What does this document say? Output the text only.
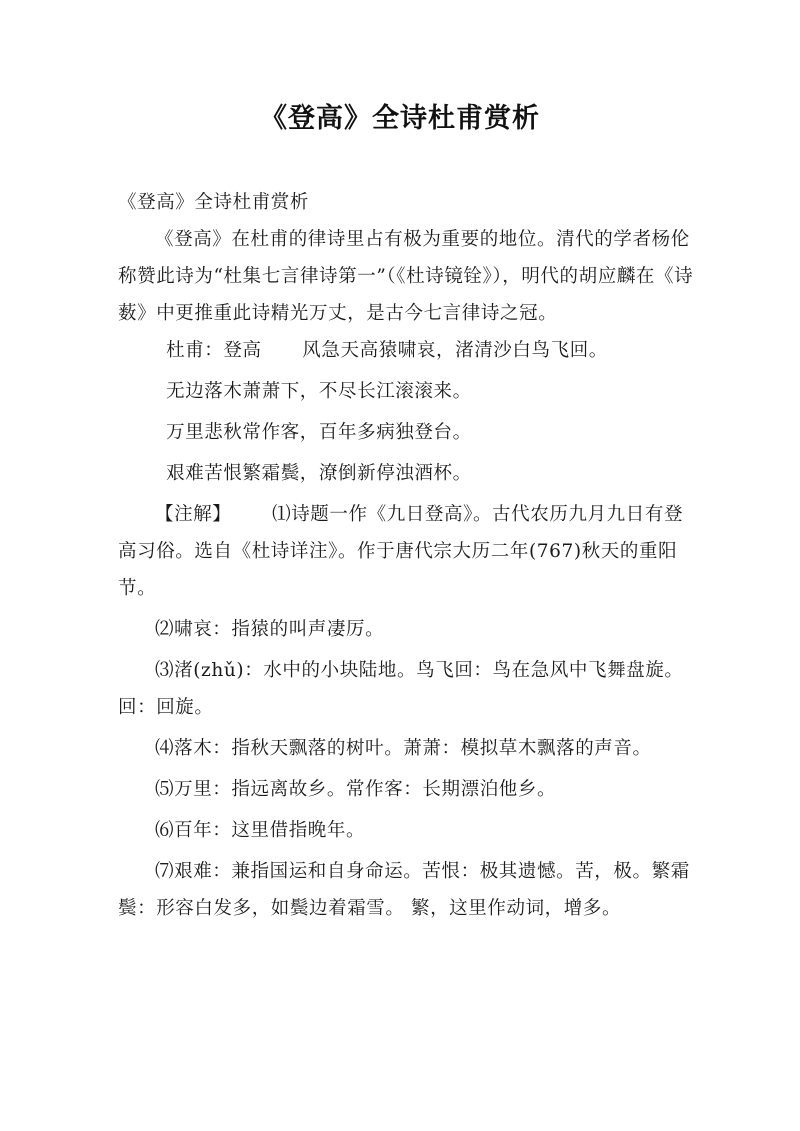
《登高》全诗杜甫赏析

《登高》全诗杜甫赏析

《登高》在杜甫的律诗里占有极为重要的地位。清代的学者杨伦称赞此诗为“杜集七言律诗第一”（《杜诗镜铨》），明代的胡应麟在《诗薮》中更推重此诗精光万丈，是古今七言律诗之冠。

杜甫：登高 风急天高猿啸哀，渚清沙白鸟飞回。

无边落木萧萧下，不尽长江滚滚来。

万里悲秋常作客，百年多病独登台。

艰难苦恨繁霜鬓，潦倒新停浊酒杯。

【注解】 ⑴诗题一作《九日登高》。古代农历九月九日有登高习俗。选自《杜诗详注》。作于唐代宗大历二年(767)秋天的重阳节。

⑵啸哀：指猿的叫声凄厉。

⑶渚(zhǔ)：水中的小块陆地。鸟飞回：鸟在急风中飞舞盘旋。回：回旋。

⑷落木：指秋天飘落的树叶。萧萧：模拟草木飘落的声音。

⑸万里：指远离故乡。常作客：长期漂泊他乡。

⑹百年：这里借指晚年。

⑺艰难：兼指国运和自身命运。苦恨：极其遗憾。苦，极。繁霜鬓：形容白发多，如鬓边着霜雪。 繁，这里作动词，增多。
